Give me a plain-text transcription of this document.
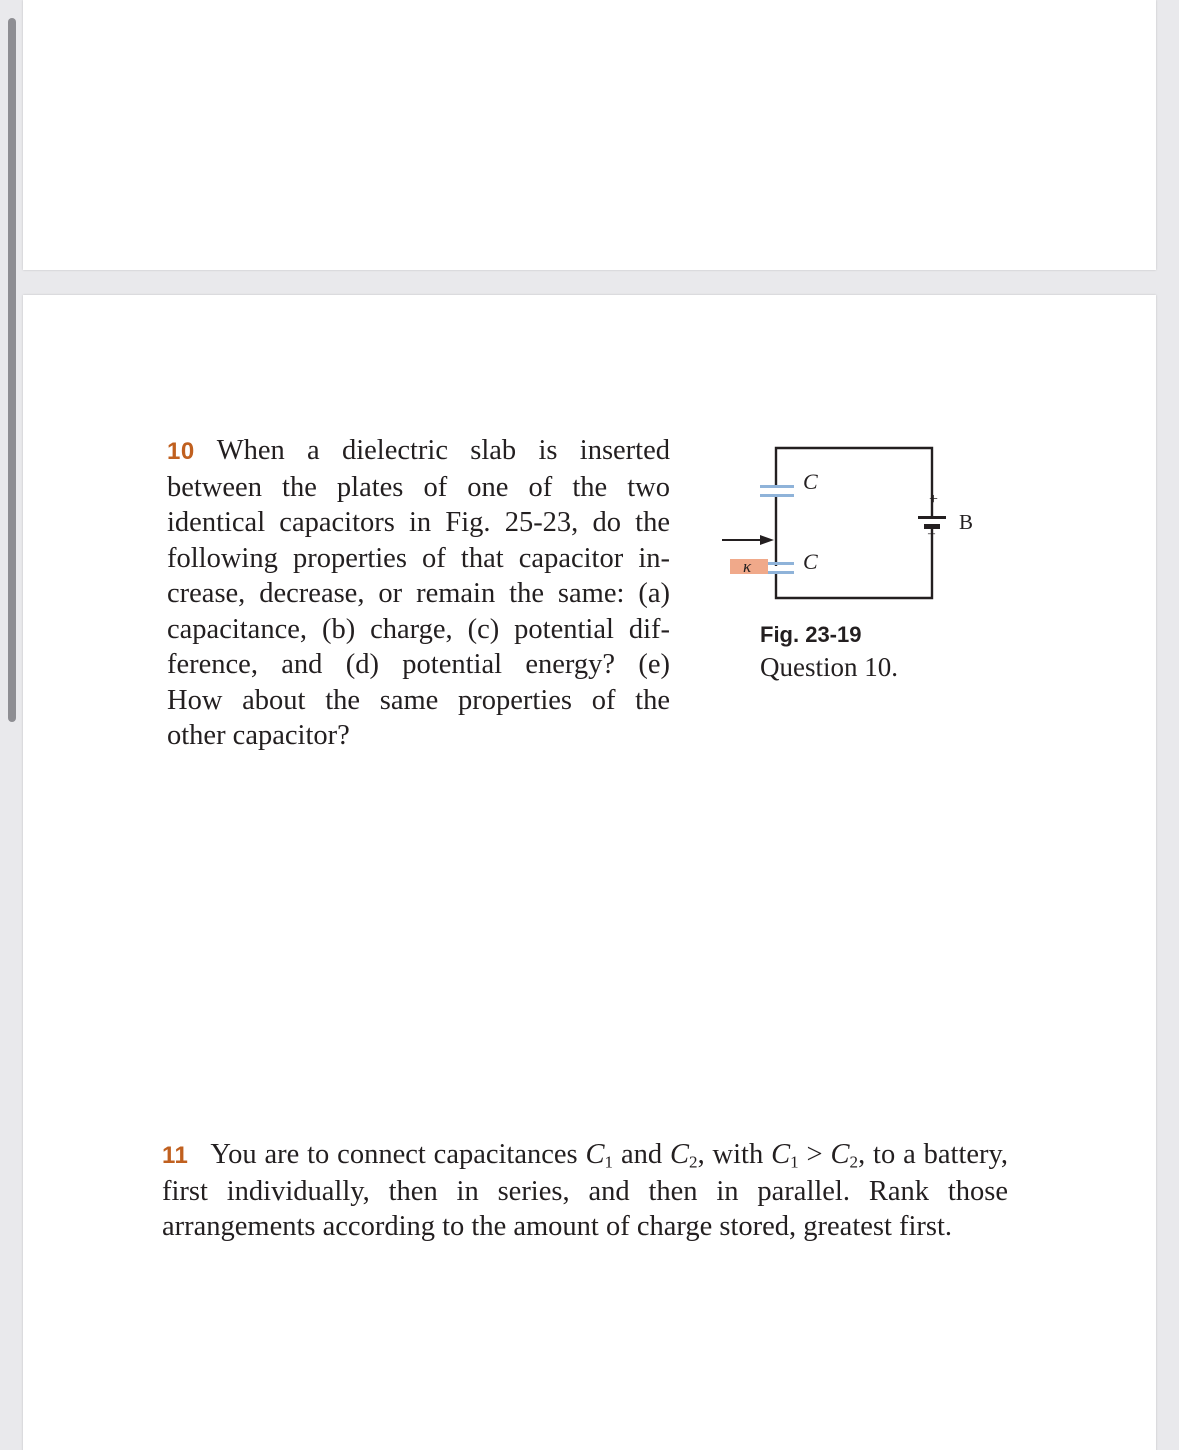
10 When a dielectric slab is inserted
between the plates of one of the two
identical capacitors in Fig. 25-23, do the
following properties of that capacitor in-
crease, decrease, or remain the same: (a)
capacitance, (b) charge, (c) potential dif-
ference, and (d) potential energy? (e)
How about the same properties of the
other capacitor?
C
C
κ
+
– B
Fig. 23-19
Question 10.
11 You are to connect capacitances $C_1$ and $C_2$, with $C_1 > C_2$, to a battery, first individually, then in series, and then in parallel. Rank those arrangements according to the amount of charge stored, greatest first.
